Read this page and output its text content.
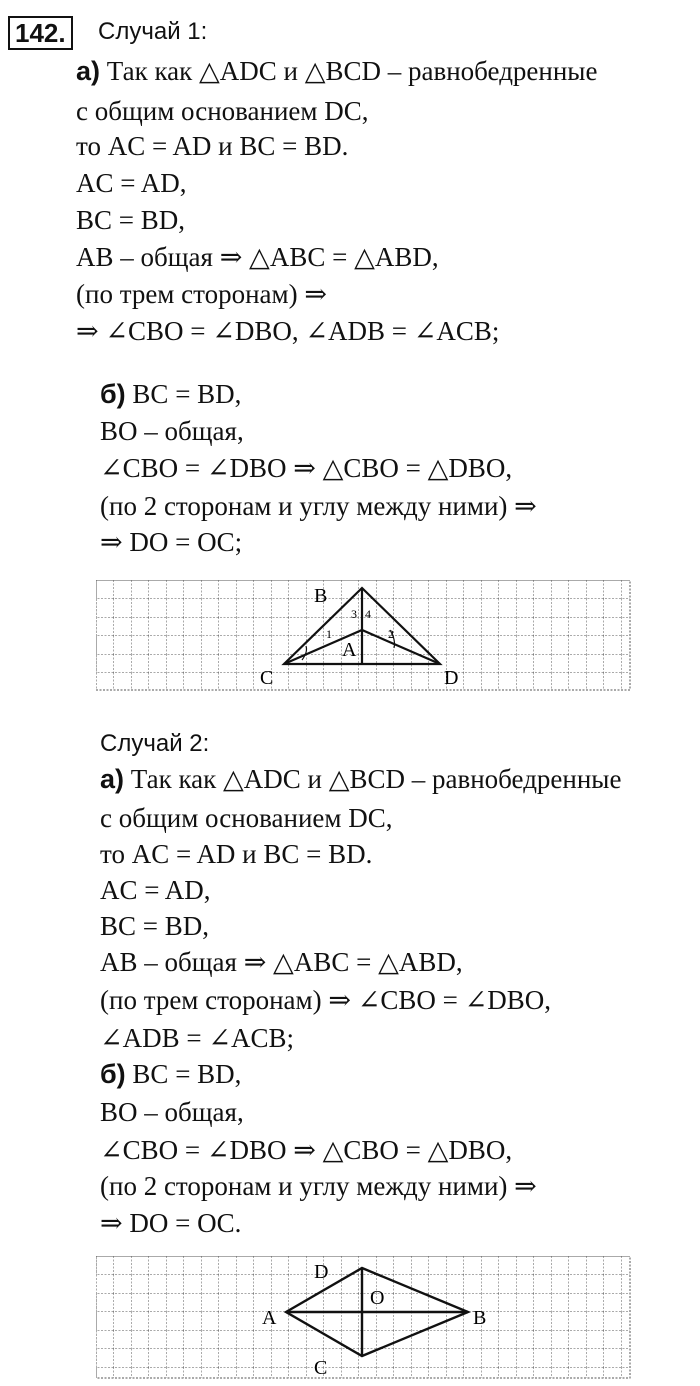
142. Случай 1:
а) Так как △ADC и △BCD – равнобедренные
с общим основанием DC,
то AC = AD и BC = BD.
AC = AD,
BC = BD,
AB – общая ⇒ △ABC = △ABD,
(по трем сторонам) ⇒
⇒ ∠CBO = ∠DBO, ∠ADB = ∠ACB;
б) BC = BD,
BO – общая,
∠CBO = ∠DBO ⇒ △CBO = △DBO,
(по 2 сторонам и углу между ними) ⇒
⇒ DO = OC;
B
A
C	D
1	2
3 4
Случай 2:
а) Так как △ADC и △BCD – равнобедренные
с общим основанием DC,
то AC = AD и BC = BD.
AC = AD,
BC = BD,
AB – общая ⇒ △ABC = △ABD,
(по трем сторонам) ⇒ ∠CBO = ∠DBO,
∠ADB = ∠ACB;
б) BC = BD,
BO – общая,
∠CBO = ∠DBO ⇒ △CBO = △DBO,
(по 2 сторонам и углу между ними) ⇒
⇒ DO = OC.
D
O
A	B
C
